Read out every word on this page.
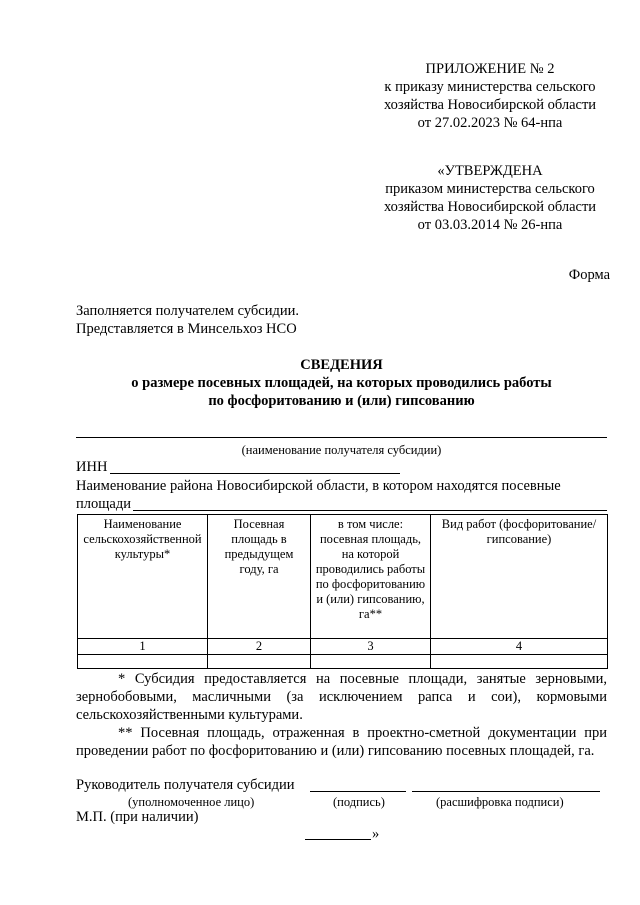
ПРИЛОЖЕНИЕ № 2
к приказу министерства сельского
хозяйства Новосибирской области
от 27.02.2023 № 64-нпа
«УТВЕРЖДЕНА
приказом министерства сельского
хозяйства Новосибирской области
от 03.03.2014 № 26-нпа
Форма
Заполняется получателем субсидии.
Представляется в Минсельхоз НСО
СВЕДЕНИЯ
о размере посевных площадей, на которых проводились работы
по фосфоритованию и (или) гипсованию
(наименование получателя субсидии)
ИНН
Наименование района Новосибирской области, в котором находятся посевные
площади
Наименование сельскохозяйственной культуры*	Посевная площадь в предыдущем году, га	в том числе: посевная площадь, на которой проводились работы по фосфоритованию и (или) гипсованию, га**	Вид работ (фосфоритование/гипсование)
1	2	3	4

* Субсидия предоставляется на посевные площади, занятые зерновыми, зернобобовыми, масличными (за исключением рапса и сои), кормовыми сельскохозяйственными культурами.
** Посевная площадь, отраженная в проектно-сметной документации при проведении работ по фосфоритованию и (или) гипсованию посевных площадей, га.
Руководитель получателя субсидии
(уполномоченное лицо)	(подпись)	(расшифровка подписи)
М.П. (при наличии)
»
